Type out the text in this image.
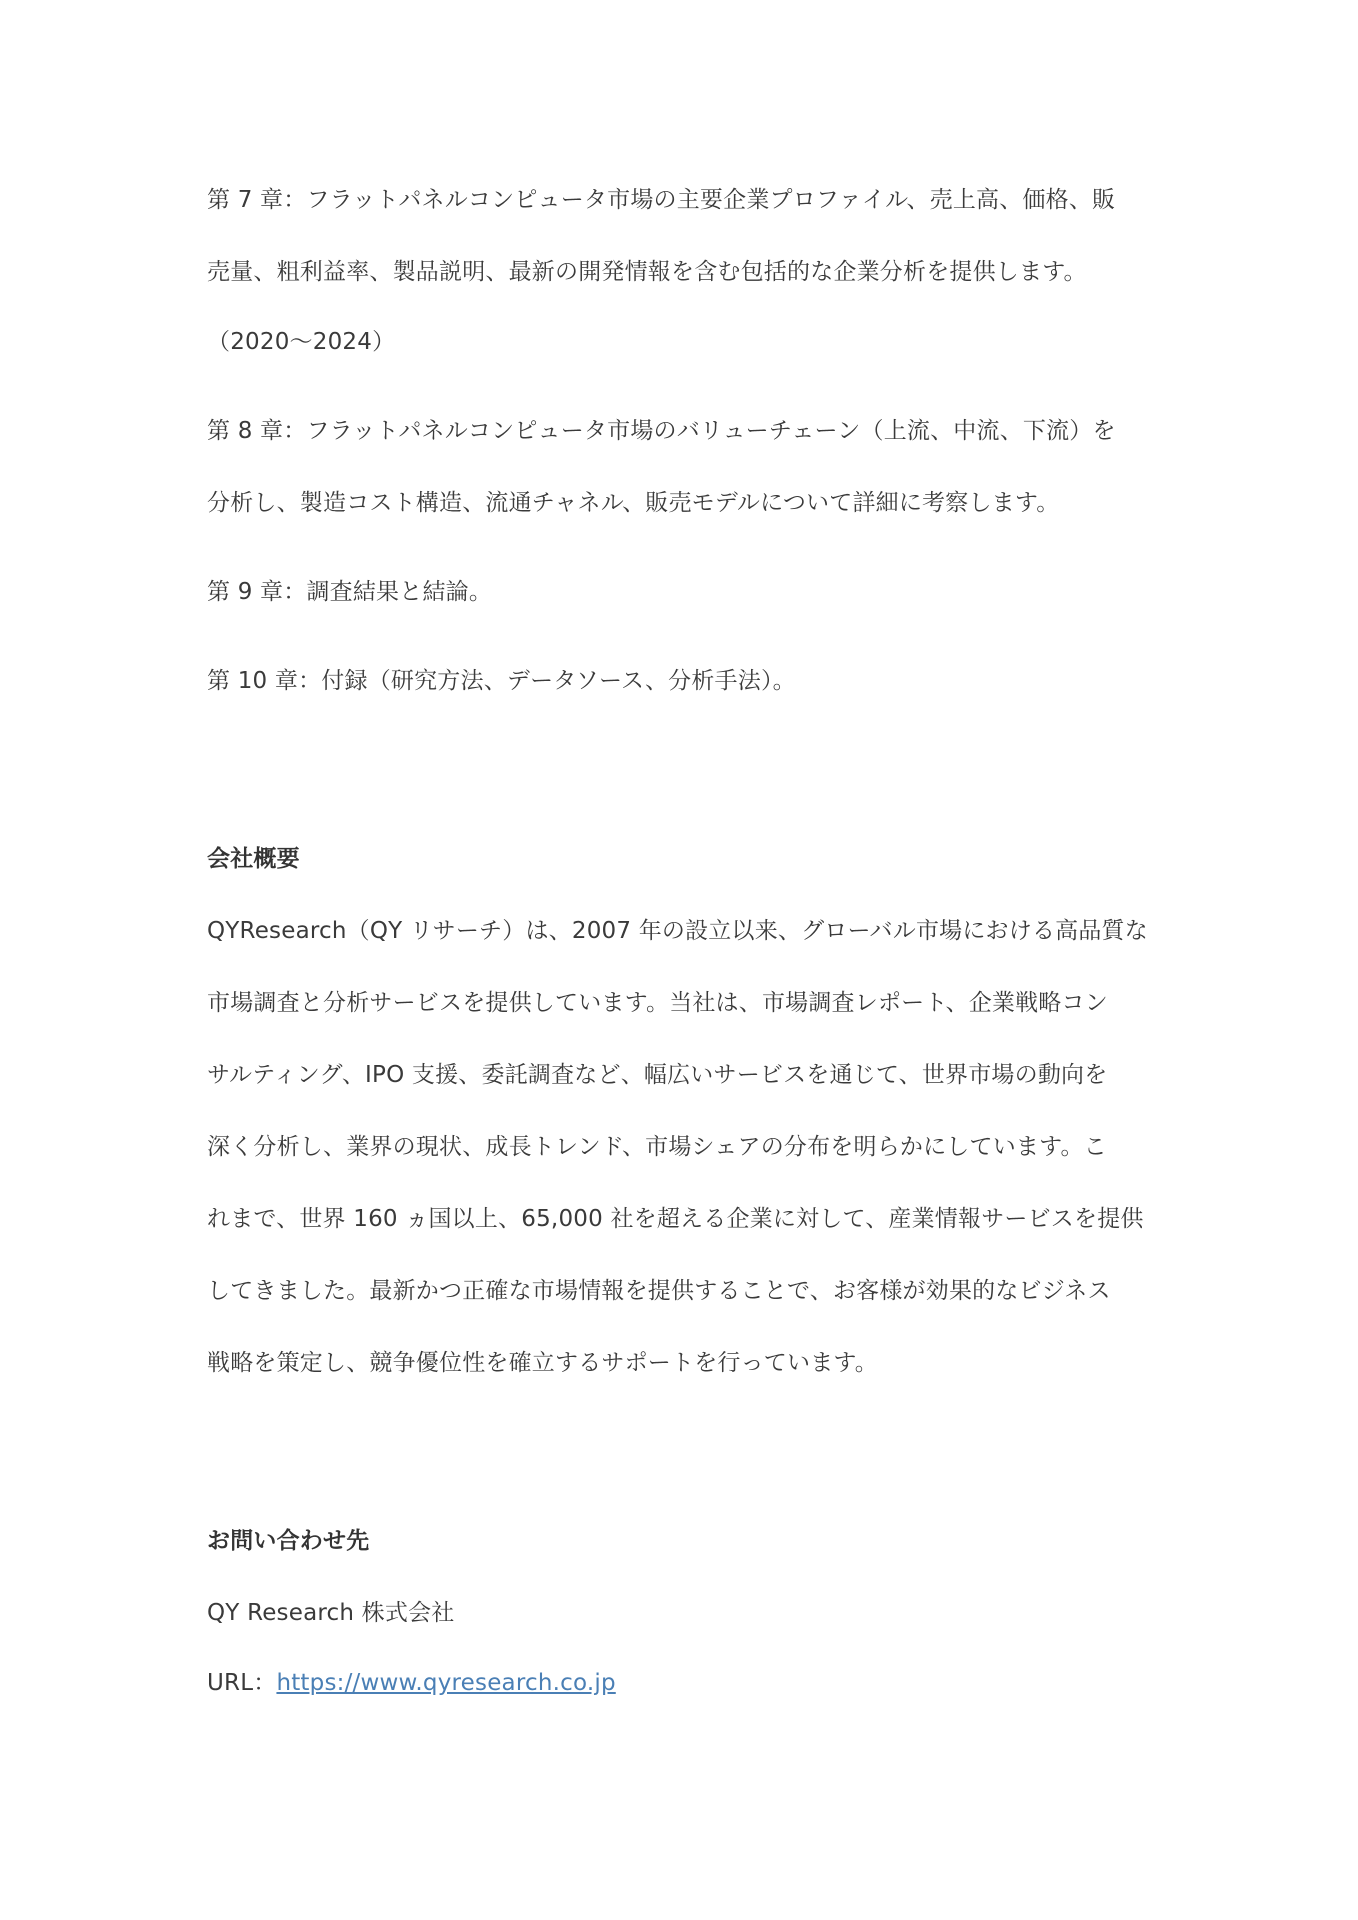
第 7 章：フラットパネルコンピュータ市場の主要企業プロファイル、売上高、価格、販
売量、粗利益率、製品説明、最新の開発情報を含む包括的な企業分析を提供します。
（2020～2024）
第 8 章：フラットパネルコンピュータ市場のバリューチェーン（上流、中流、下流）を
分析し、製造コスト構造、流通チャネル、販売モデルについて詳細に考察します。
第 9 章：調査結果と結論。
第 10 章：付録（研究方法、データソース、分析手法）。
会社概要
QYResearch（QY リサーチ）は、2007 年の設立以来、グローバル市場における高品質な
市場調査と分析サービスを提供しています。当社は、市場調査レポート、企業戦略コン
サルティング、IPO 支援、委託調査など、幅広いサービスを通じて、世界市場の動向を
深く分析し、業界の現状、成長トレンド、市場シェアの分布を明らかにしています。こ
れまで、世界 160 ヵ国以上、65,000 社を超える企業に対して、産業情報サービスを提供
してきました。最新かつ正確な市場情報を提供することで、お客様が効果的なビジネス
戦略を策定し、競争優位性を確立するサポートを行っています。
お問い合わせ先
QY Research 株式会社
URL：https://www.qyresearch.co.jp
